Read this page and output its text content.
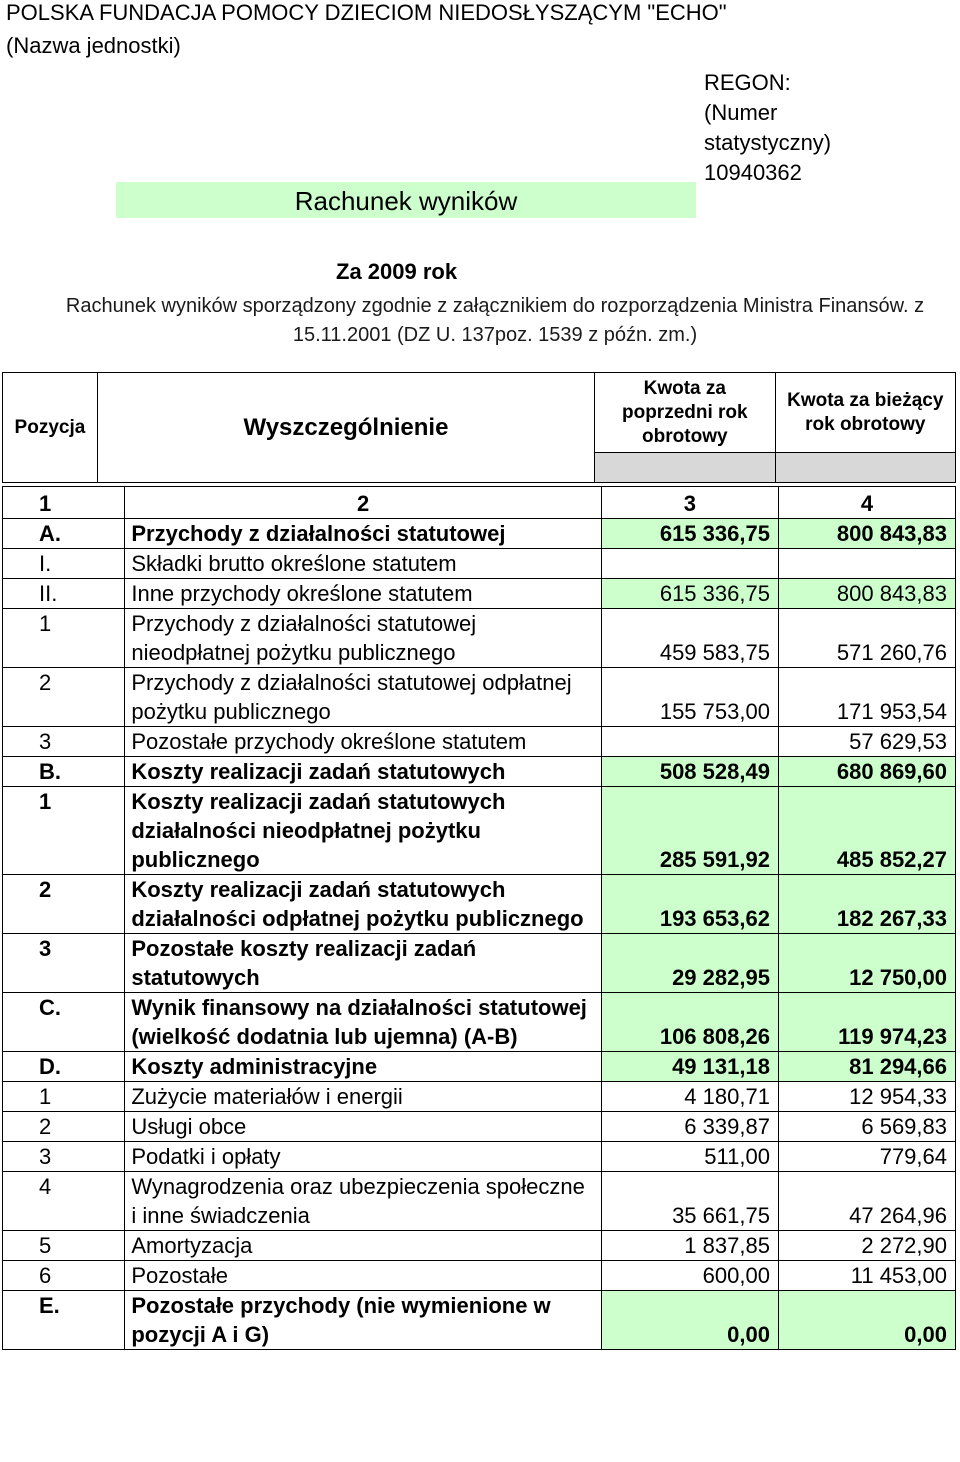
POLSKA FUNDACJA POMOCY DZIECIOM NIEDOSŁYSZĄCYM "ECHO"
(Nazwa jednostki)
REGON:
(Numer statystyczny)
10940362
Rachunek wyników
Za 2009 rok
Rachunek wyników sporządzony zgodnie z załącznikiem do rozporządzenia Ministra Finansów. z 15.11.2001 (DZ U. 137poz. 1539 z późn. zm.)
Pozycja	Wyszczególnienie	Kwota za poprzedni rok obrotowy	Kwota za bieżący rok obrotowy

1	2	3	4
A.	Przychody z działalności statutowej	615 336,75	800 843,83
I.	Składki brutto określone statutem		
II.	Inne przychody określone statutem	615 336,75	800 843,83
1	Przychody z działalności statutowej nieodpłatnej pożytku publicznego	459 583,75	571 260,76
2	Przychody z działalności statutowej odpłatnej pożytku publicznego	155 753,00	171 953,54
3	Pozostałe przychody określone statutem		57 629,53
B.	Koszty realizacji zadań statutowych	508 528,49	680 869,60
1	Koszty realizacji zadań statutowych działalności nieodpłatnej pożytku publicznego	285 591,92	485 852,27
2	Koszty realizacji zadań statutowych działalności odpłatnej pożytku publicznego	193 653,62	182 267,33
3	Pozostałe koszty realizacji zadań statutowych	29 282,95	12 750,00
C.	Wynik finansowy na działalności statutowej (wielkość dodatnia lub ujemna) (A-B)	106 808,26	119 974,23
D.	Koszty administracyjne	49 131,18	81 294,66
1	Zużycie materiałów i energii	4 180,71	12 954,33
2	Usługi obce	6 339,87	6 569,83
3	Podatki i opłaty	511,00	779,64
4	Wynagrodzenia oraz ubezpieczenia społeczne i inne świadczenia	35 661,75	47 264,96
5	Amortyzacja	1 837,85	2 272,90
6	Pozostałe	600,00	11 453,00
E.	Pozostałe przychody (nie wymienione w pozycji A i G)	0,00	0,00
